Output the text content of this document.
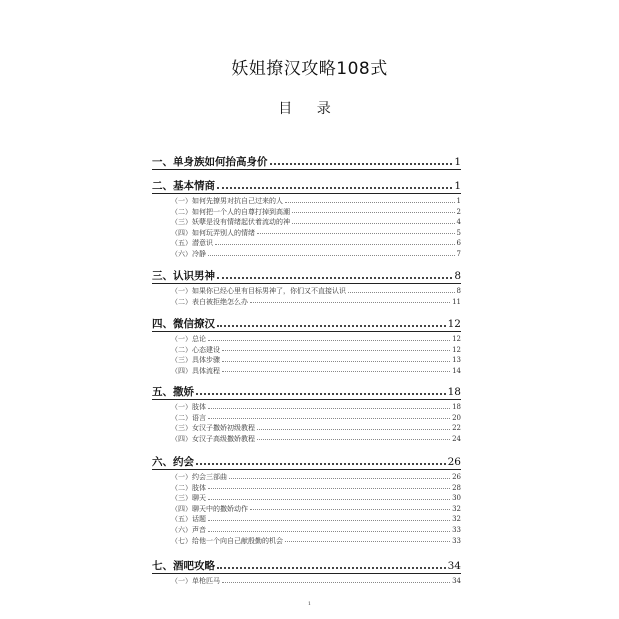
妖姐撩汉攻略108式
目 录
一、单身族如何抬高身价	1
二、基本情商	1
（一）如何先撩男对抗自己过来的人	1
（二）如何把一个人的自尊打掉到高潮	2
（三）妖孽是没有情绪起伏着流动的神	4
（四）如何玩弄别人的情绪	5
（五）潜意识	6
（六）冷静	7
三、认识男神	8
（一）如果你已经心里有目标男神了，你们又不直接认识	8
（二）表白被拒绝怎么办	11
四、微信撩汉	12
（一）总论	12
（二）心态建设	12
（三）具体步骤	13
（四）具体流程	14
五、撒娇	18
（一）肢体	18
（二）语言	20
（三）女汉子撒娇初级教程	22
（四）女汉子高级撒娇教程	24
六、约会	26
（一）约会三部曲	26
（二）肢体	28
（三）聊天	30
（四）聊天中的撒娇动作	32
（五）话题	32
（六）声音	33
（七）给他一个向自己献殷勤的机会	33
七、酒吧攻略	34
（一）单枪匹马	34
1
